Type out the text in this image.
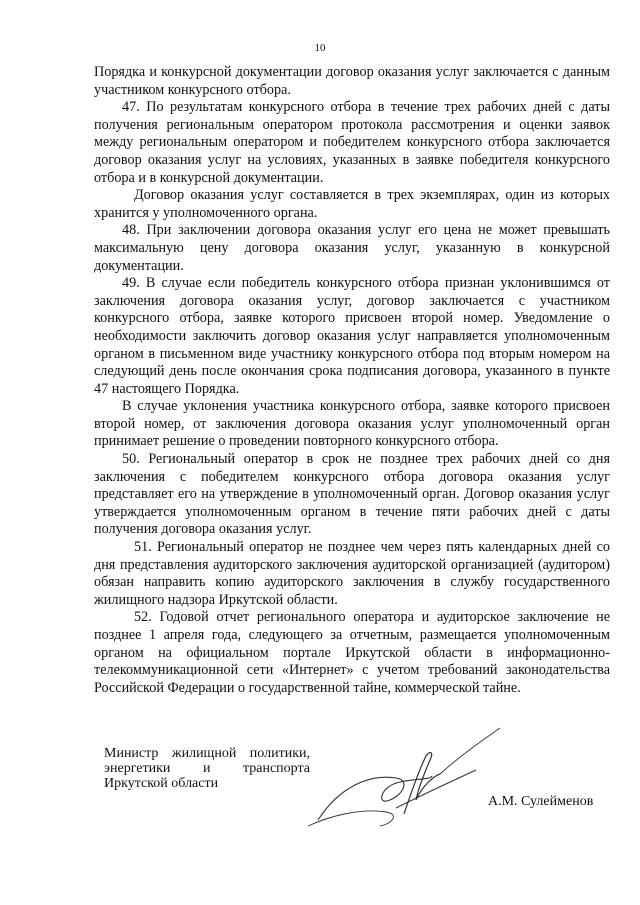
10

Порядка и конкурсной документации договор оказания услуг заключается с данным участником конкурсного отбора.

47. По результатам конкурсного отбора в течение трех рабочих дней с даты получения региональным оператором протокола рассмотрения и оценки заявок между региональным оператором и победителем конкурсного отбора заключается договор оказания услуг на условиях, указанных в заявке победителя конкурсного отбора и в конкурсной документации.

Договор оказания услуг составляется в трех экземплярах, один из которых хранится у уполномоченного органа.

48. При заключении договора оказания услуг его цена не может превышать максимальную цену договора оказания услуг, указанную в конкурсной документации.

49. В случае если победитель конкурсного отбора признан уклонившимся от заключения договора оказания услуг, договор заключается с участником конкурсного отбора, заявке которого присвоен второй номер. Уведомление о необходимости заключить договор оказания услуг направляется уполномоченным органом в письменном виде участнику конкурсного отбора под вторым номером на следующий день после окончания срока подписания договора, указанного в пункте 47 настоящего Порядка.

В случае уклонения участника конкурсного отбора, заявке которого присвоен второй номер, от заключения договора оказания услуг уполномоченный орган принимает решение о проведении повторного конкурсного отбора.

50. Региональный оператор в срок не позднее трех рабочих дней со дня заключения с победителем конкурсного отбора договора оказания услуг представляет его на утверждение в уполномоченный орган. Договор оказания услуг утверждается уполномоченным органом в течение пяти рабочих дней с даты получения договора оказания услуг.

51. Региональный оператор не позднее чем через пять календарных дней со дня представления аудиторского заключения аудиторской организацией (аудитором) обязан направить копию аудиторского заключения в службу государственного жилищного надзора Иркутской области.

52. Годовой отчет регионального оператора и аудиторское заключение не позднее 1 апреля года, следующего за отчетным, размещается уполномоченным органом на официальном портале Иркутской области в информационно-телекоммуникационной сети «Интернет» с учетом требований законодательства Российской Федерации о государственной тайне, коммерческой тайне.

Министр жилищной политики,
энергетики и транспорта
Иркутской области
А.М. Сулейменов
